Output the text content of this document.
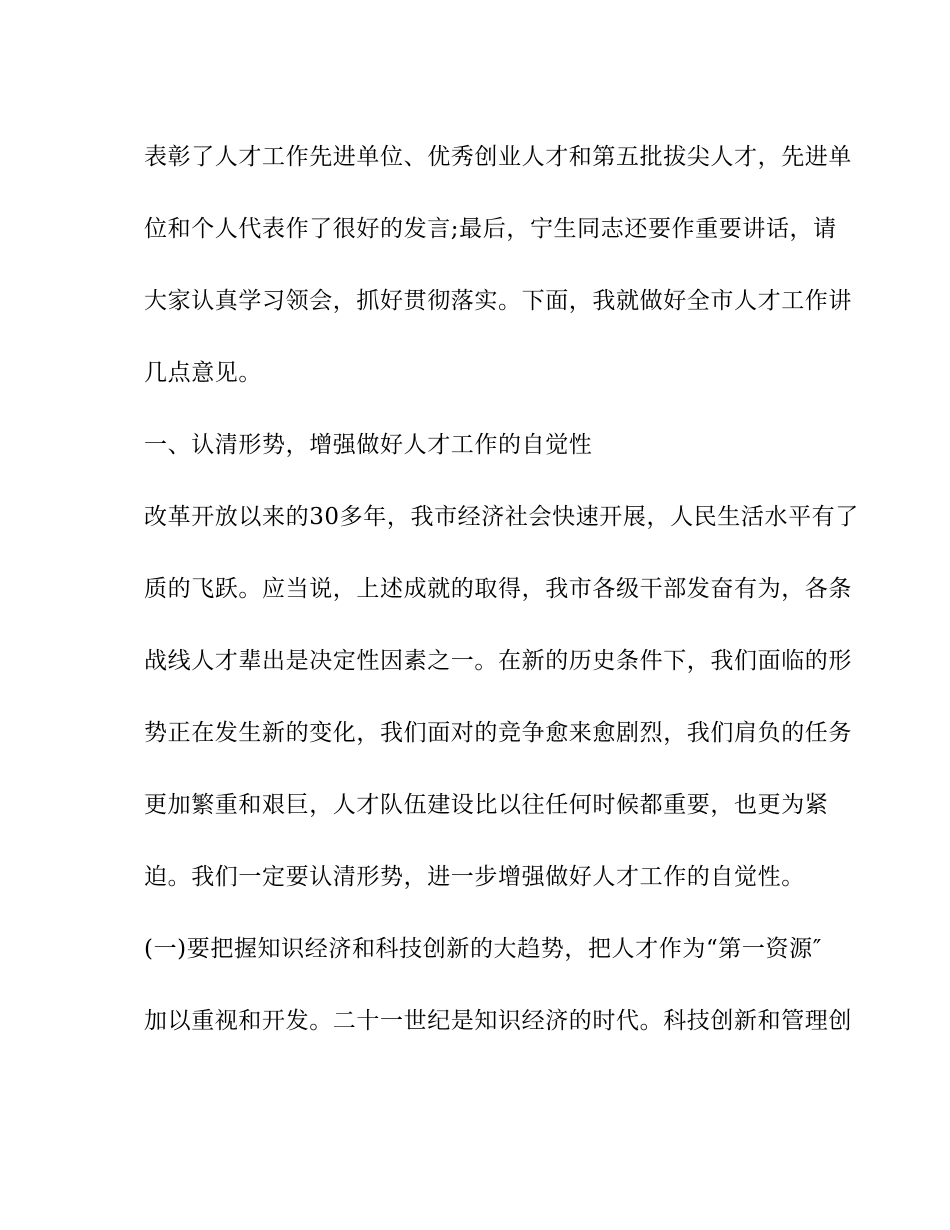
表彰了人才工作先进单位、优秀创业人才和第五批拔尖人才，先进单
位和个人代表作了很好的发言;最后，宁生同志还要作重要讲话，请
大家认真学习领会，抓好贯彻落实。下面，我就做好全市人才工作讲
几点意见。
一、认清形势，增强做好人才工作的自觉性
改革开放以来的30多年，我市经济社会快速开展，人民生活水平有了
质的飞跃。应当说，上述成就的取得，我市各级干部发奋有为，各条
战线人才辈出是决定性因素之一。在新的历史条件下，我们面临的形
势正在发生新的变化，我们面对的竞争愈来愈剧烈，我们肩负的任务
更加繁重和艰巨，人才队伍建设比以往任何时候都重要，也更为紧
迫。我们一定要认清形势，进一步增强做好人才工作的自觉性。
(一)要把握知识经济和科技创新的大趋势，把人才作为“第一资源″
加以重视和开发。二十一世纪是知识经济的时代。科技创新和管理创
